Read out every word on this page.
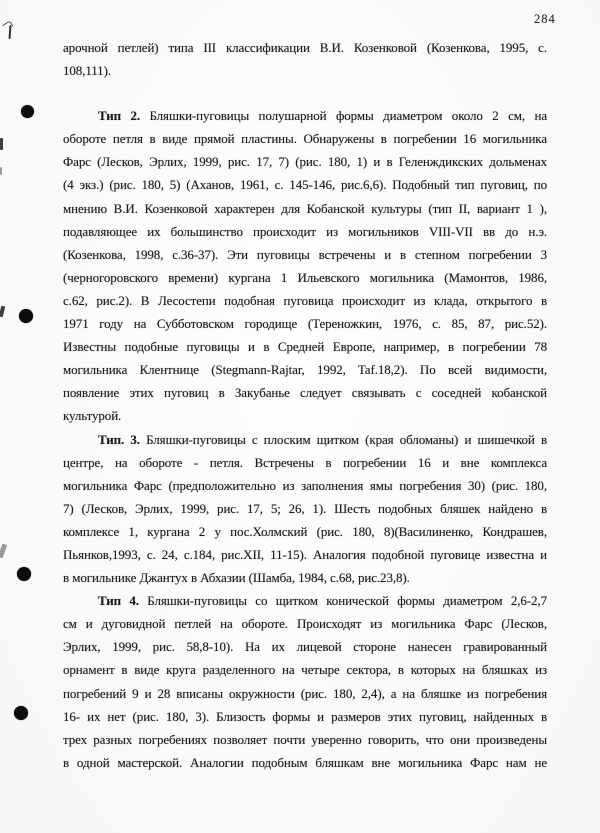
284
арочной петлей) типа III классификации В.И. Козенковой (Козенкова, 1995, с.
108,111).
Тип 2. Бляшки-пуговицы полушарной формы диаметром около 2 см, на
обороте петля в виде прямой пластины. Обнаружены в погребении 16 могильника
Фарс (Лесков, Эрлих, 1999, рис. 17, 7) (рис. 180, 1) и в Геленждикских дольменах
(4 экз.) (рис. 180, 5) (Аханов, 1961, с. 145-146, рис.6,6). Подобный тип пуговиц, по
мнению В.И. Козенковой характерен для Кобанской культуры (тип II, вариант 1 ),
подавляющее их большинство происходит из могильников VIII-VII вв до н.э.
(Козенкова, 1998, с.36-37). Эти пуговицы встречены и в степном погребении 3
(черногоровского времени) кургана 1 Ильевского могильника (Мамонтов, 1986,
с.62, рис.2). В Лесостепи подобная пуговица происходит из клада, открытого в
1971 году на Субботовском городище (Тереножкин, 1976, с. 85, 87, рис.52).
Известны подобные пуговицы и в Средней Европе, например, в погребении 78
могильника Клентнице (Stegmann-Rajtar, 1992, Taf.18,2). По всей видимости,
появление этих пуговиц в Закубанье следует связывать с соседней кобанской
культурой.
Тип. 3. Бляшки-пуговицы с плоским щитком (края обломаны) и шишечкой в
центре, на обороте - петля. Встречены в погребении 16 и вне комплекса
могильника Фарс (предположительно из заполнения ямы погребения 30) (рис. 180,
7) (Лесков, Эрлих, 1999, рис. 17, 5; 26, 1). Шесть подобных бляшек найдено в
комплексе 1, кургана 2 у пос.Холмский (рис. 180, 8)(Василиненко, Кондрашев,
Пьянков,1993, с. 24, с.184, рис.XII, 11-15). Аналогия подобной пуговице известна и
в могильнике Джантух в Абхазии (Шамба, 1984, с.68, рис.23,8).
Тип 4. Бляшки-пуговицы со щитком конической формы диаметром 2,6-2,7
см и дуговидной петлей на обороте. Происходят из могильника Фарс (Лесков,
Эрлих, 1999, рис. 58,8-10). На их лицевой стороне нанесен гравированный
орнамент в виде круга разделенного на четыре сектора, в которых на бляшках из
погребений 9 и 28 вписаны окружности (рис. 180, 2,4), а на бляшке из погребения
16- их нет (рис. 180, 3). Близость формы и размеров этих пуговиц, найденных в
трех разных погребениях позволяет почти уверенно говорить, что они произведены
в одной мастерской. Аналогии подобным бляшкам вне могильника Фарс нам не
